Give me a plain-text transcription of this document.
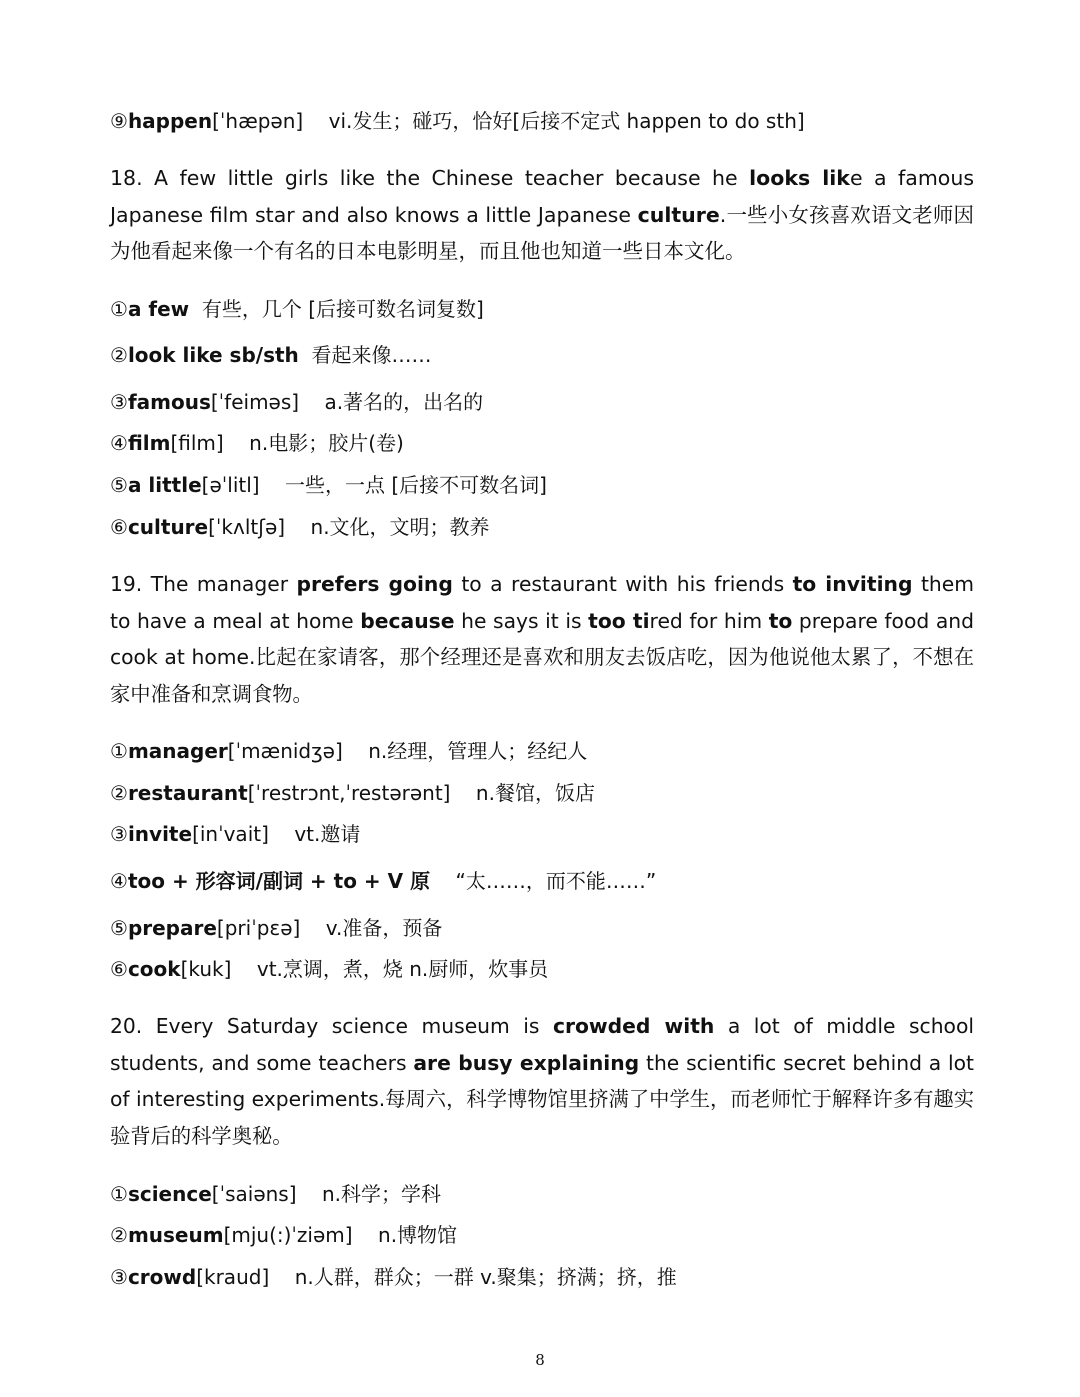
⑨happen[ˈhæpən] vi.发生；碰巧，恰好[后接不定式 happen to do sth]
18. A few little girls like the Chinese teacher because he looks like a famous Japanese film star and also knows a little Japanese culture.一些小女孩喜欢语文老师因为他看起来像一个有名的日本电影明星，而且他也知道一些日本文化。
①a few 有些，几个 [后接可数名词复数]
②look like sb/sth 看起来像……
③famous[ˈfeiməs] a.著名的，出名的
④film[film] n.电影；胶片(卷)
⑤a little[əˈlitl] 一些，一点 [后接不可数名词]
⑥culture[ˈkʌltʃə] n.文化，文明；教养
19. The manager prefers going to a restaurant with his friends to inviting them to have a meal at home because he says it is too tired for him to prepare food and cook at home.比起在家请客，那个经理还是喜欢和朋友去饭店吃，因为他说他太累了，不想在家中准备和烹调食物。
①manager[ˈmænidʒə] n.经理，管理人；经纪人
②restaurant[ˈrestrɔnt,ˈrestərənt] n.餐馆，饭店
③invite[inˈvait] vt.邀请
④too + 形容词/副词 + to + V 原 “太……，而不能……”
⑤prepare[priˈpɛə] v.准备，预备
⑥cook[kuk] vt.烹调，煮，烧 n.厨师，炊事员
20. Every Saturday science museum is crowded with a lot of middle school students, and some teachers are busy explaining the scientific secret behind a lot of interesting experiments.每周六，科学博物馆里挤满了中学生，而老师忙于解释许多有趣实验背后的科学奥秘。
①science[ˈsaiəns] n.科学；学科
②museum[mju(:)ˈziəm] n.博物馆
③crowd[kraud] n.人群，群众；一群 v.聚集；挤满；挤，推
8
